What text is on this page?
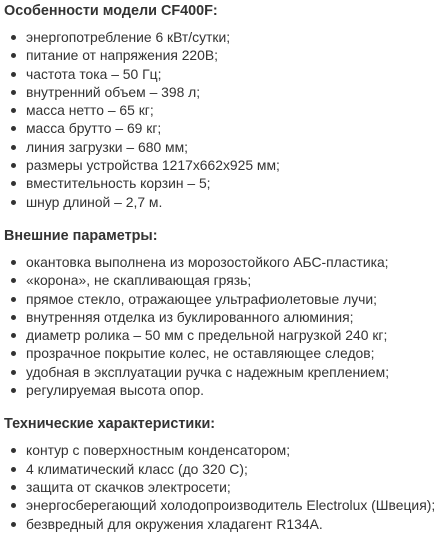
Особенности модели CF400F:
энергопотребление 6 кВт/сутки;
питание от напряжения 220В;
частота тока – 50 Гц;
внутренний объем – 398 л;
масса нетто – 65 кг;
масса брутто – 69 кг;
линия загрузки – 680 мм;
размеры устройства 1217х662х925 мм;
вместительность корзин – 5;
шнур длиной – 2,7 м.
Внешние параметры:
окантовка выполнена из морозостойкого АБС-пластика;
«корона», не скапливающая грязь;
прямое стекло, отражающее ультрафиолетовые лучи;
внутренняя отделка из буклированного алюминия;
диаметр ролика – 50 мм с предельной нагрузкой 240 кг;
прозрачное покрытие колес, не оставляющее следов;
удобная в эксплуатации ручка с надежным креплением;
регулируемая высота опор.
Технические характеристики:
контур с поверхностным конденсатором;
4 климатический класс (до 320 С);
защита от скачков электросети;
энергосберегающий холодопроизводитель Electrolux (Швеция);
безвредный для окружения хладагент R134A.
